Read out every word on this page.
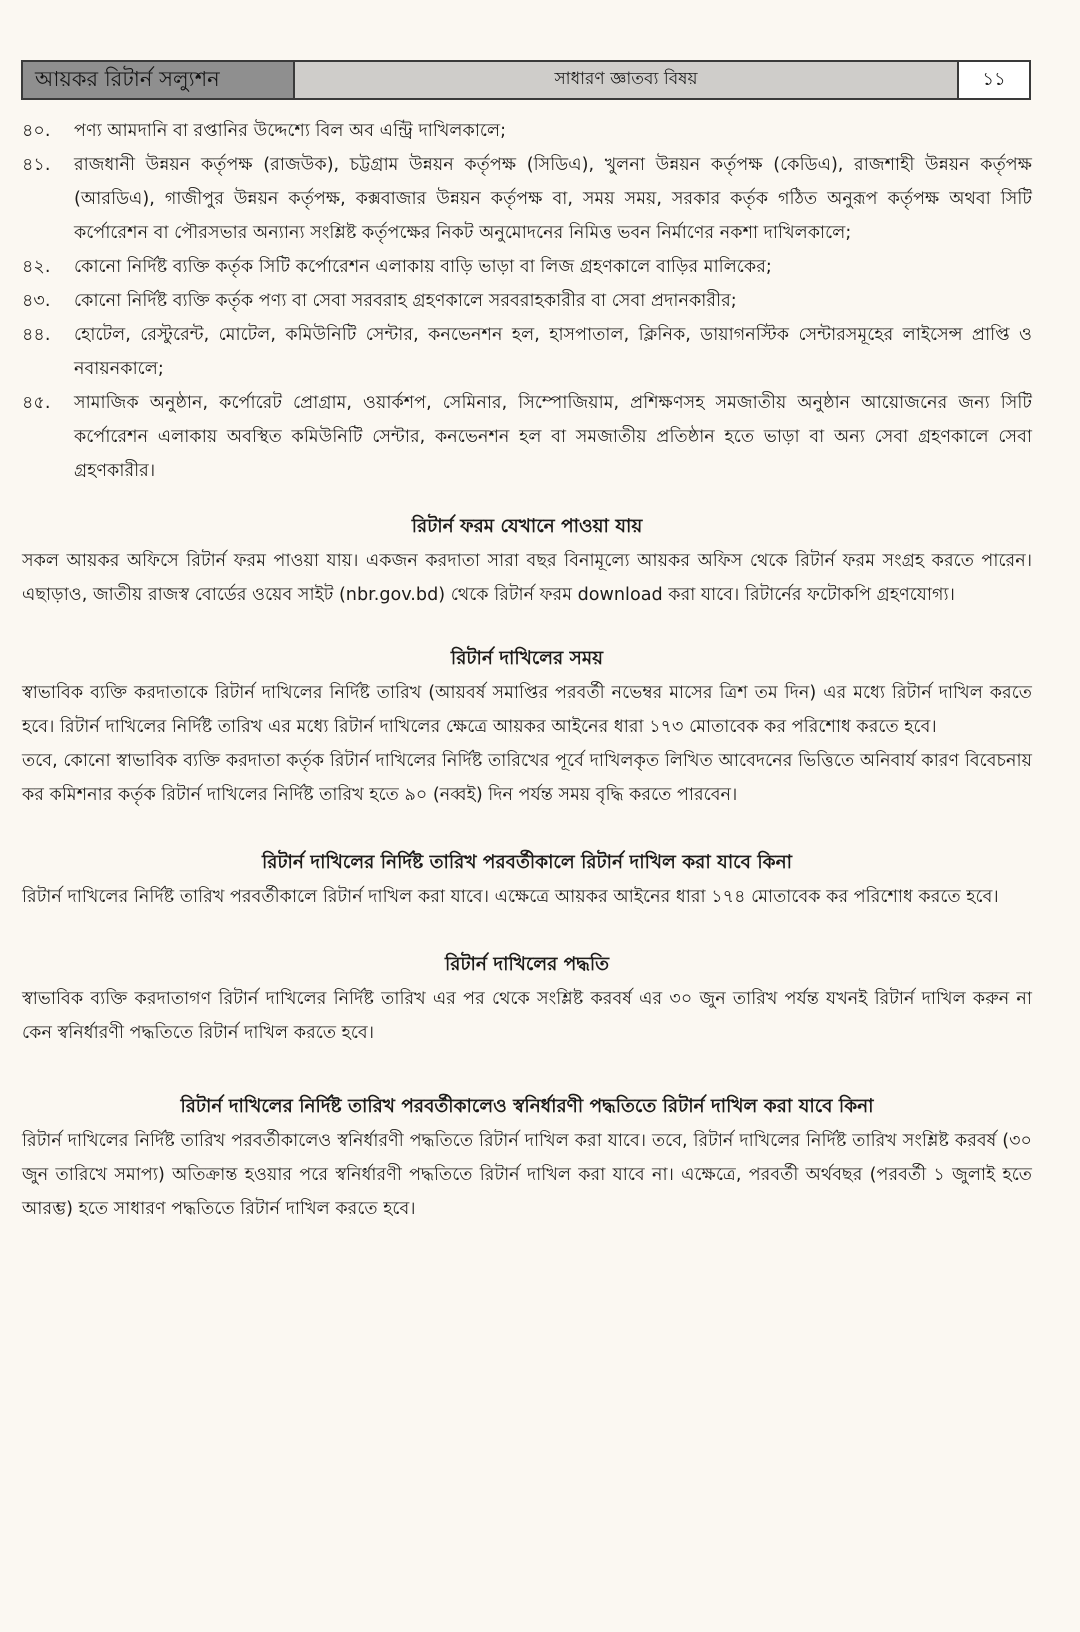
আয়কর রিটার্ন সল্যুশন	সাধারণ জ্ঞাতব্য বিষয়	১১
৪০.	পণ্য আমদানি বা রপ্তানির উদ্দেশ্যে বিল অব এন্ট্রি দাখিলকালে;
৪১.	রাজধানী উন্নয়ন কর্তৃপক্ষ (রাজউক), চট্টগ্রাম উন্নয়ন কর্তৃপক্ষ (সিডিএ), খুলনা উন্নয়ন কর্তৃপক্ষ (কেডিএ), রাজশাহী উন্নয়ন কর্তৃপক্ষ (আরডিএ), গাজীপুর উন্নয়ন কর্তৃপক্ষ, কক্সবাজার উন্নয়ন কর্তৃপক্ষ বা, সময় সময়, সরকার কর্তৃক গঠিত অনুরূপ কর্তৃপক্ষ অথবা সিটি কর্পোরেশন বা পৌরসভার অন্যান্য সংশ্লিষ্ট কর্তৃপক্ষের নিকট অনুমোদনের নিমিত্ত ভবন নির্মাণের নকশা দাখিলকালে;
৪২.	কোনো নির্দিষ্ট ব্যক্তি কর্তৃক সিটি কর্পোরেশন এলাকায় বাড়ি ভাড়া বা লিজ গ্রহণকালে বাড়ির মালিকের;
৪৩.	কোনো নির্দিষ্ট ব্যক্তি কর্তৃক পণ্য বা সেবা সরবরাহ গ্রহণকালে সরবরাহকারীর বা সেবা প্রদানকারীর;
৪৪.	হোটেল, রেস্টুরেন্ট, মোটেল, কমিউনিটি সেন্টার, কনভেনশন হল, হাসপাতাল, ক্লিনিক, ডায়াগনস্টিক সেন্টারসমূহের লাইসেন্স প্রাপ্তি ও নবায়নকালে;
৪৫.	সামাজিক অনুষ্ঠান, কর্পোরেট প্রোগ্রাম, ওয়ার্কশপ, সেমিনার, সিম্পোজিয়াম, প্রশিক্ষণসহ সমজাতীয় অনুষ্ঠান আয়োজনের জন্য সিটি কর্পোরেশন এলাকায় অবস্থিত কমিউনিটি সেন্টার, কনভেনশন হল বা সমজাতীয় প্রতিষ্ঠান হতে ভাড়া বা অন্য সেবা গ্রহণকালে সেবা গ্রহণকারীর।
রিটার্ন ফরম যেখানে পাওয়া যায়

সকল আয়কর অফিসে রিটার্ন ফরম পাওয়া যায়। একজন করদাতা সারা বছর বিনামূল্যে আয়কর অফিস থেকে রিটার্ন ফরম সংগ্রহ করতে পারেন। এছাড়াও, জাতীয় রাজস্ব বোর্ডের ওয়েব সাইট (nbr.gov.bd) থেকে রিটার্ন ফরম download করা যাবে। রিটার্নের ফটোকপি গ্রহণযোগ্য।

রিটার্ন দাখিলের সময়

স্বাভাবিক ব্যক্তি করদাতাকে রিটার্ন দাখিলের নির্দিষ্ট তারিখ (আয়বর্ষ সমাপ্তির পরবর্তী নভেম্বর মাসের ত্রিশ তম দিন) এর মধ্যে রিটার্ন দাখিল করতে হবে। রিটার্ন দাখিলের নির্দিষ্ট তারিখ এর মধ্যে রিটার্ন দাখিলের ক্ষেত্রে আয়কর আইনের ধারা ১৭৩ মোতাবেক কর পরিশোধ করতে হবে।

তবে, কোনো স্বাভাবিক ব্যক্তি করদাতা কর্তৃক রিটার্ন দাখিলের নির্দিষ্ট তারিখের পূর্বে দাখিলকৃত লিখিত আবেদনের ভিত্তিতে অনিবার্য কারণ বিবেচনায় কর কমিশনার কর্তৃক রিটার্ন দাখিলের নির্দিষ্ট তারিখ হতে ৯০ (নব্বই) দিন পর্যন্ত সময় বৃদ্ধি করতে পারবেন।

রিটার্ন দাখিলের নির্দিষ্ট তারিখ পরবর্তীকালে রিটার্ন দাখিল করা যাবে কিনা

রিটার্ন দাখিলের নির্দিষ্ট তারিখ পরবর্তীকালে রিটার্ন দাখিল করা যাবে। এক্ষেত্রে আয়কর আইনের ধারা ১৭৪ মোতাবেক কর পরিশোধ করতে হবে।

রিটার্ন দাখিলের পদ্ধতি

স্বাভাবিক ব্যক্তি করদাতাগণ রিটার্ন দাখিলের নির্দিষ্ট তারিখ এর পর থেকে সংশ্লিষ্ট করবর্ষ এর ৩০ জুন তারিখ পর্যন্ত যখনই রিটার্ন দাখিল করুন না কেন স্বনির্ধারণী পদ্ধতিতে রিটার্ন দাখিল করতে হবে।

রিটার্ন দাখিলের নির্দিষ্ট তারিখ পরবর্তীকালেও স্বনির্ধারণী পদ্ধতিতে রিটার্ন দাখিল করা যাবে কিনা

রিটার্ন দাখিলের নির্দিষ্ট তারিখ পরবর্তীকালেও স্বনির্ধারণী পদ্ধতিতে রিটার্ন দাখিল করা যাবে। তবে, রিটার্ন দাখিলের নির্দিষ্ট তারিখ সংশ্লিষ্ট করবর্ষ (৩০ জুন তারিখে সমাপ্য) অতিক্রান্ত হওয়ার পরে স্বনির্ধারণী পদ্ধতিতে রিটার্ন দাখিল করা যাবে না। এক্ষেত্রে, পরবর্তী অর্থবছর (পরবর্তী ১ জুলাই হতে আরম্ভ) হতে সাধারণ পদ্ধতিতে রিটার্ন দাখিল করতে হবে।
